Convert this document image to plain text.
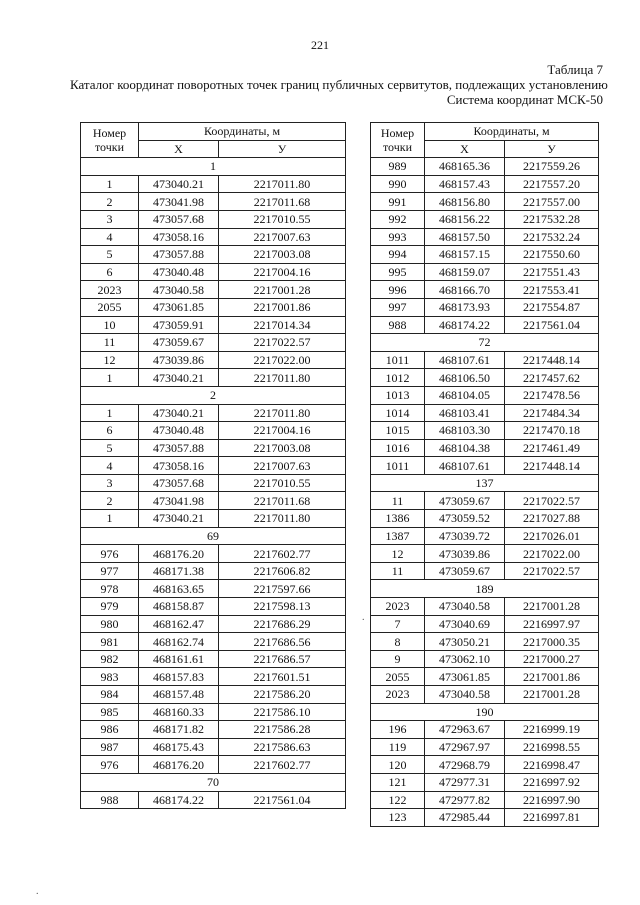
221
Таблица 7
Каталог координат поворотных точек границ публичных сервитутов, подлежащих установлению
Система координат МСК-50
Номер
точки	Координаты, м	
	X	У
1		
1	473040.21	2217011.80
2	473041.98	2217011.68
3	473057.68	2217010.55
4	473058.16	2217007.63
5	473057.88	2217003.08
6	473040.48	2217004.16
2023	473040.58	2217001.28
2055	473061.85	2217001.86
10	473059.91	2217014.34
11	473059.67	2217022.57
12	473039.86	2217022.00
1	473040.21	2217011.80
2		
1	473040.21	2217011.80
6	473040.48	2217004.16
5	473057.88	2217003.08
4	473058.16	2217007.63
3	473057.68	2217010.55
2	473041.98	2217011.68
1	473040.21	2217011.80
69		
976	468176.20	2217602.77
977	468171.38	2217606.82
978	468163.65	2217597.66
979	468158.87	2217598.13
980	468162.47	2217686.29
981	468162.74	2217686.56
982	468161.61	2217686.57
983	468157.83	2217601.51
984	468157.48	2217586.20
985	468160.33	2217586.10
986	468171.82	2217586.28
987	468175.43	2217586.63
976	468176.20	2217602.77
70		
988	468174.22	2217561.04
Номер
точки	Координаты, м	
	X	У
989	468165.36	2217559.26
990	468157.43	2217557.20
991	468156.80	2217557.00
992	468156.22	2217532.28
993	468157.50	2217532.24
994	468157.15	2217550.60
995	468159.07	2217551.43
996	468166.70	2217553.41
997	468173.93	2217554.87
988	468174.22	2217561.04
72		
1011	468107.61	2217448.14
1012	468106.50	2217457.62
1013	468104.05	2217478.56
1014	468103.41	2217484.34
1015	468103.30	2217470.18
1016	468104.38	2217461.49
1011	468107.61	2217448.14
137		
11	473059.67	2217022.57
1386	473059.52	2217027.88
1387	473039.72	2217026.01
12	473039.86	2217022.00
11	473059.67	2217022.57
189		
2023	473040.58	2217001.28
7	473040.69	2216997.97
8	473050.21	2217000.35
9	473062.10	2217000.27
2055	473061.85	2217001.86
2023	473040.58	2217001.28
190		
196	472963.67	2216999.19
119	472967.97	2216998.55
120	472968.79	2216998.47
121	472977.31	2216997.92
122	472977.82	2216997.90
123	472985.44	2216997.81
.
.
